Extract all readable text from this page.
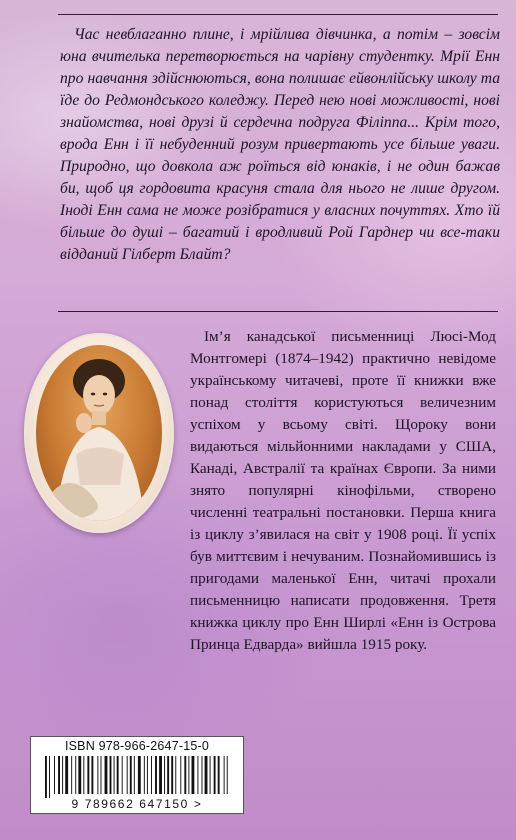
Час невблаганно плине, і мрійлива дівчинка, а потім – зовсім юна вчителька перетворюється на чарівну студентку. Мрії Енн про навчання здійснюються, вона полишає ейвонлійську школу та їде до Редмондського коледжу. Перед нею нові можливості, нові знайомства, нові друзі й сердечна подруга Філіппа... Крім того, врода Енн і її небуденний розум привертають усе більше уваги. Природно, що довкола аж роїться від юнаків, і не один бажав би, щоб ця гордовита красуня стала для нього не лише другом. Іноді Енн сама не може розібратися у власних почуттях. Хто їй більше до душі – багатий і вродливий Рой Гарднер чи все-таки відданий Гілберт Блайт?

Ім’я канадської письменниці Люсі-Мод Монтгомері (1874–1942) практично невідоме українському читачеві, проте її книжки вже понад століття користуються величезним успіхом у всьому світі. Щороку вони видаються мільйонними накладами у США, Канаді, Австралії та країнах Європи. За ними знято популярні кінофільми, створено численні театральні постановки. Перша книга із циклу з’явилася на світ у 1908 році. Її успіх був миттєвим і нечуваним. Познайомившись із пригодами маленької Енн, читачі прохали письменницю написати продовження. Третя книжка циклу про Енн Ширлі «Енн із Острова Принца Едварда» вийшла 1915 року.

ISBN 978-966-2647-15-0
9 789662 647150 >
